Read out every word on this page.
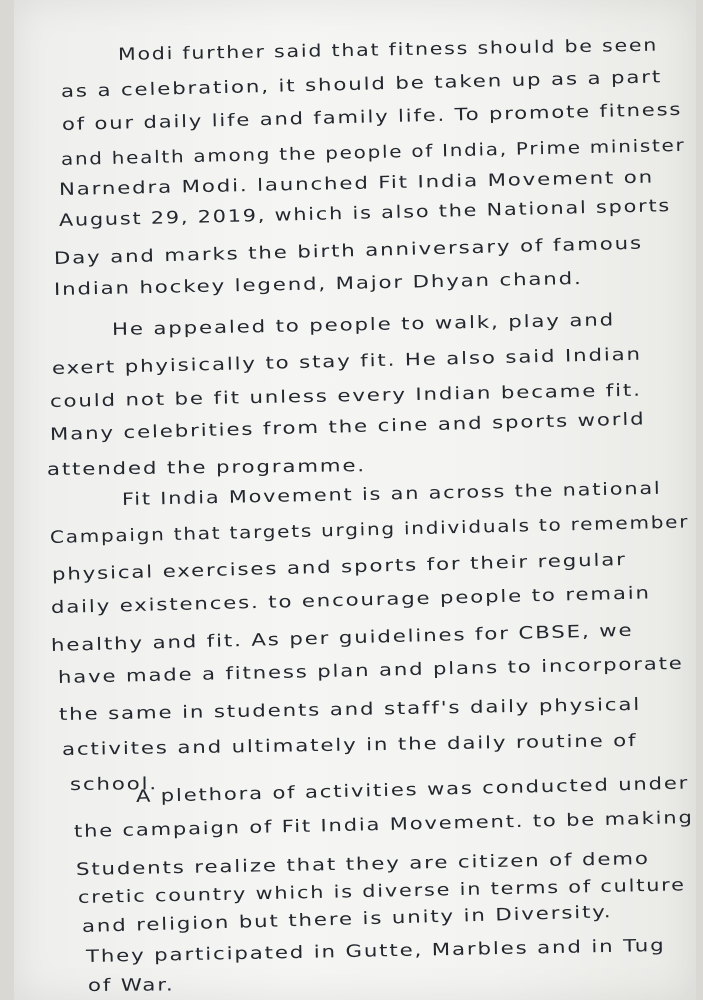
Modi further said that fitness should be seen
as a celebration, it should be taken up as a part
of our daily life and family life. To promote fitness
and health among the people of India, Prime minister
Narnedra Modi. launched Fit India Movement on
August 29, 2019, which is also the National sports
Day and marks the birth anniversary of famous
Indian hockey legend, Major Dhyan chand.
He appealed to people to walk, play and
exert phyisically to stay fit. He also said Indian
could not be fit unless every Indian became fit.
Many celebrities from the cine and sports world
attended the programme.
Fit India Movement is an across the national
Campaign that targets urging individuals to remember
physical exercises and sports for their regular
daily existences. to encourage people to remain
healthy and fit. As per guidelines for CBSE, we
have made a fitness plan and plans to incorporate
the same in students and staff's daily physical
activites and ultimately in the daily routine of
school.
A plethora of activities was conducted under
the campaign of Fit India Movement. to be making
Students realize that they are citizen of demo
cretic country which is diverse in terms of culture
and religion but there is unity in Diversity.
They participated in Gutte, Marbles and in Tug
of War.
